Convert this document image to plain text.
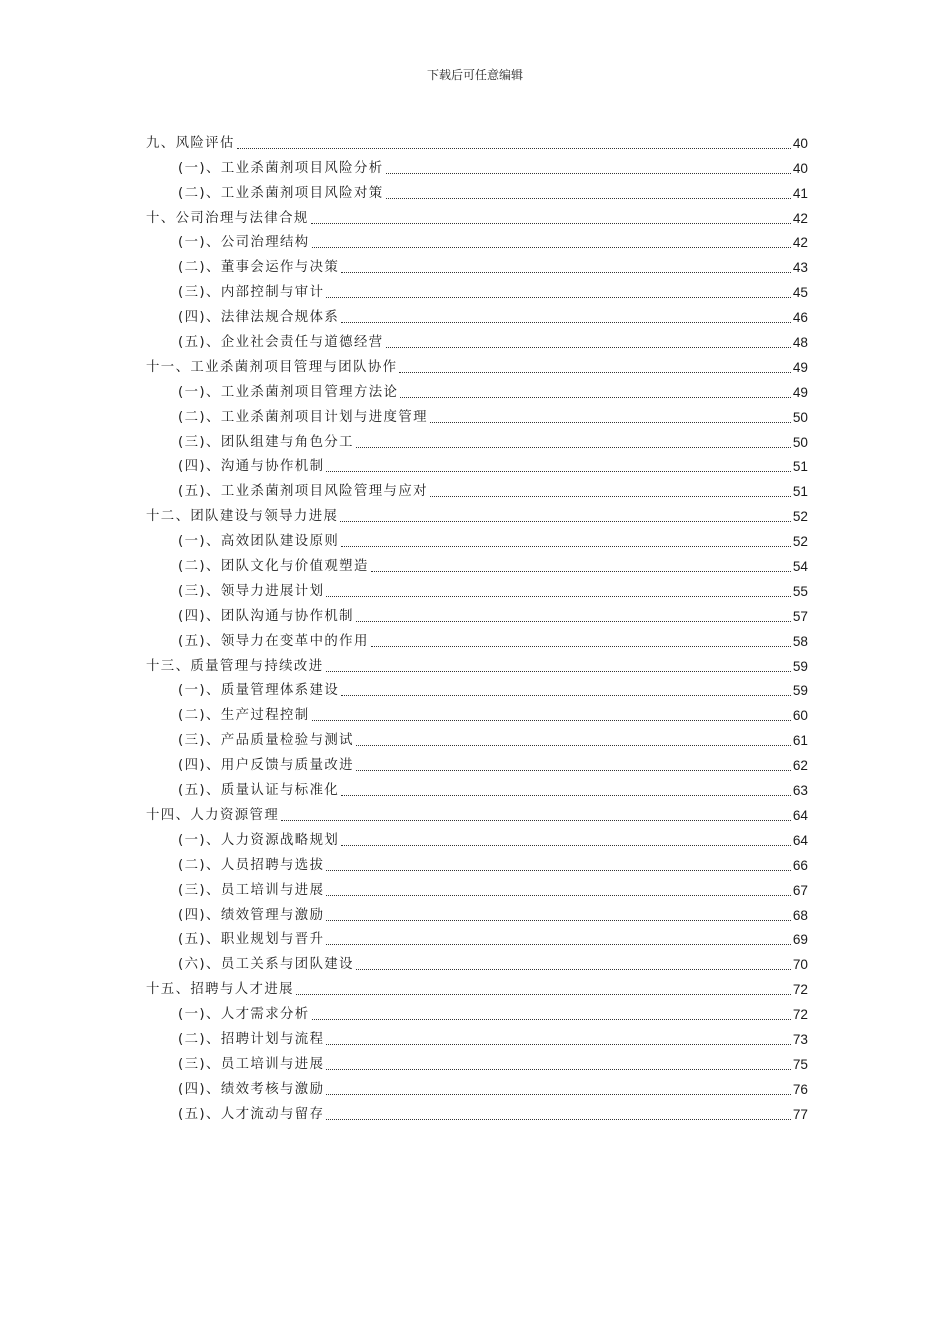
下载后可任意编辑
九、风险评估	40
(一)、工业杀菌剂项目风险分析	40
(二)、工业杀菌剂项目风险对策	41
十、公司治理与法律合规	42
(一)、公司治理结构	42
(二)、董事会运作与决策	43
(三)、内部控制与审计	45
(四)、法律法规合规体系	46
(五)、企业社会责任与道德经营	48
十一、工业杀菌剂项目管理与团队协作	49
(一)、工业杀菌剂项目管理方法论	49
(二)、工业杀菌剂项目计划与进度管理	50
(三)、团队组建与角色分工	50
(四)、沟通与协作机制	51
(五)、工业杀菌剂项目风险管理与应对	51
十二、团队建设与领导力进展	52
(一)、高效团队建设原则	52
(二)、团队文化与价值观塑造	54
(三)、领导力进展计划	55
(四)、团队沟通与协作机制	57
(五)、领导力在变革中的作用	58
十三、质量管理与持续改进	59
(一)、质量管理体系建设	59
(二)、生产过程控制	60
(三)、产品质量检验与测试	61
(四)、用户反馈与质量改进	62
(五)、质量认证与标准化	63
十四、人力资源管理	64
(一)、人力资源战略规划	64
(二)、人员招聘与选拔	66
(三)、员工培训与进展	67
(四)、绩效管理与激励	68
(五)、职业规划与晋升	69
(六)、员工关系与团队建设	70
十五、招聘与人才进展	72
(一)、人才需求分析	72
(二)、招聘计划与流程	73
(三)、员工培训与进展	75
(四)、绩效考核与激励	76
(五)、人才流动与留存	77
